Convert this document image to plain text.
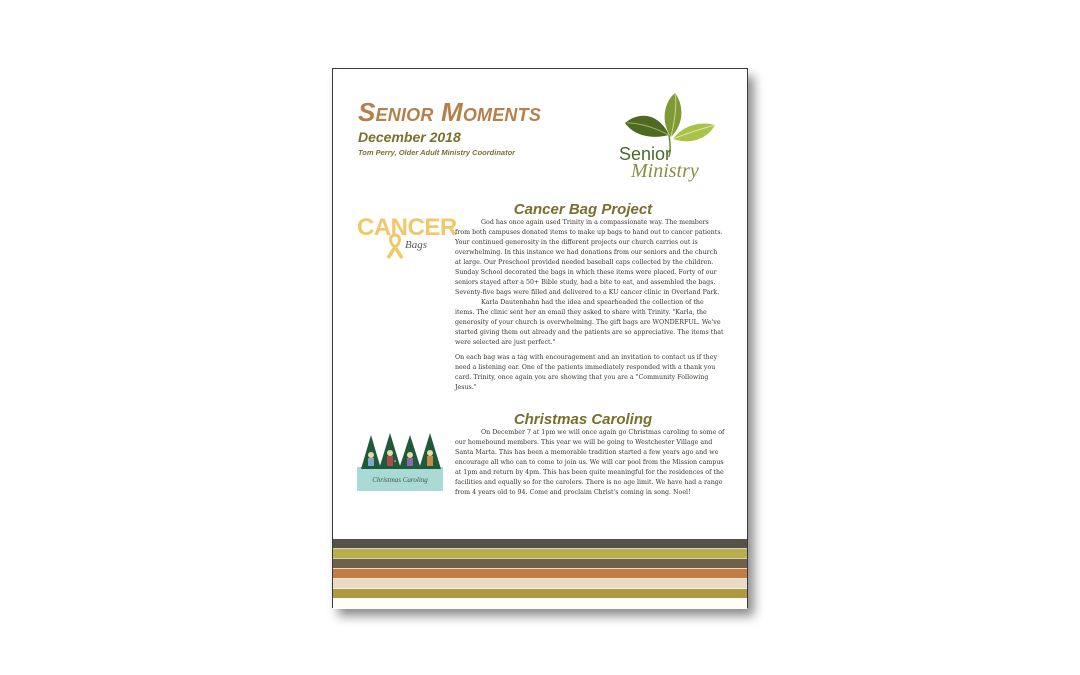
Senior Moments
December 2018
Tom Perry, Older Adult Ministry Coordinator	Senior
Ministry
CANCER
Bags
Cancer Bag Project

God has once again used Trinity in a compassionate way. The members from both campuses donated items to make up bags to hand out to cancer patients. Your continued generosity in the different projects our church carries out is overwhelming. In this instance we had donations from our seniors and the church at large. Our Preschool provided needed baseball caps collected by the children. Sunday School decorated the bags in which these items were placed. Forty of our seniors stayed after a 50+ Bible study, had a bite to eat, and assembled the bags. Seventy-five bags were filled and delivered to a KU cancer clinic in Overland Park.

Karla Dautenhahn had the idea and spearheaded the collection of the items. The clinic sent her an email they asked to share with Trinity. "Karla, the generosity of your church is overwhelming. The gift bags are WONDERFUL. We've started giving them out already and the patients are so appreciative. The items that were selected are just perfect."

On each bag was a tag with encouragement and an invitation to contact us if they need a listening ear. One of the patients immediately responded with a thank you card. Trinity, once again you are showing that you are a "Community Following Jesus."

Christmas Caroling
Christmas Caroling

On December 7 at 1pm we will once again go Christmas caroling to some of our homebound members. This year we will be going to Westchester Village and Santa Marta. This has been a memorable tradition started a few years ago and we encourage all who can to come to join us. We will car pool from the Mission campus at 1pm and return by 4pm. This has been quite meaningful for the residences of the facilities and equally so for the carolers. There is no age limit. We have had a range from 4 years old to 94. Come and proclaim Christ's coming in song. Noel!
